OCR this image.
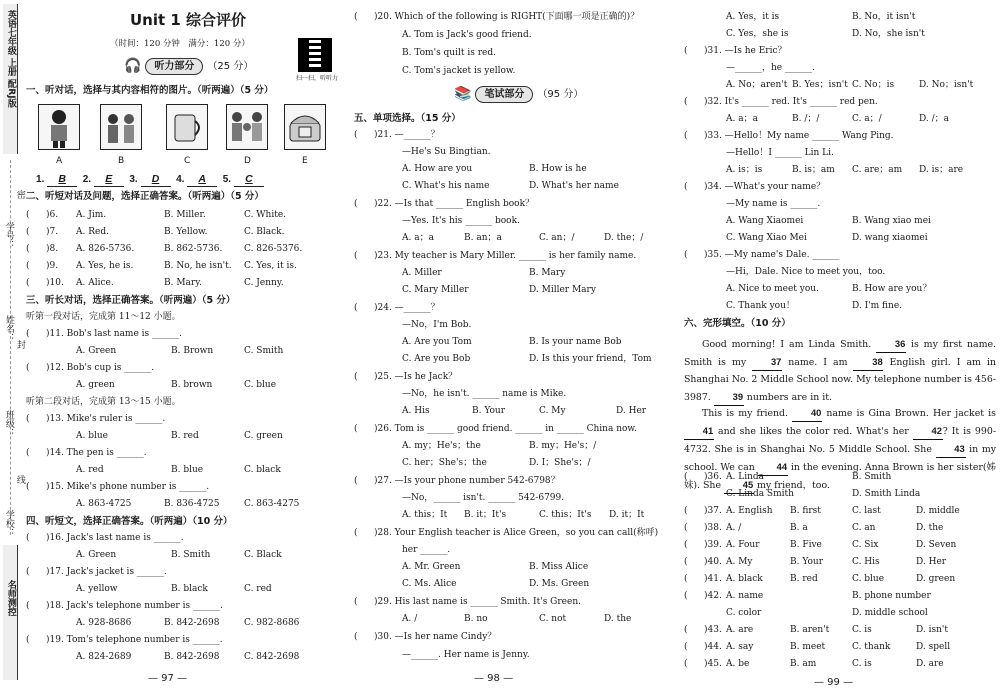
英语七年级 上册 配RJ版
学号：
姓名：
班级：
学校：
密
封
线
名师测控
Unit 1 综合评价
（时间：120 分钟　满分：120 分）
扫一扫，听听力
🎧	听力部分	（25 分）
一、听对话，选择与其内容相符的图片。（听两遍）（5 分）
A	B	C	D	E
1. B 2. E 3. D 4. A 5. C
二、听短对话及问题，选择正确答案。（听两遍）（5 分）
( )6. A. Jim.	B. Miller.	C. White.
( )7. A. Red.	B. Yellow.	C. Black.
( )8. A. 826-5736.	B. 862-5736. C. 826-5376.
( )9. A. Yes, he is.	B. No, he isn't. C. Yes, it is.
( )10. A. Alice.	B. Mary.	C. Jenny.
三、听长对话，选择正确答案。（听两遍）（5 分）
听第一段对话，完成第 11～12 小题。
( )11. Bob's last name is ______.
A. Green	B. Brown	C. Smith
( )12. Bob's cup is ______.
A. green	B. brown	C. blue
听第二段对话，完成第 13～15 小题。
( )13. Mike's ruler is ______.
A. blue	B. red	C. green
( )14. The pen is ______.
A. red	B. blue	C. black
( )15. Mike's phone number is ______.
A. 863-4725	B. 836-4725	C. 863-4275
四、听短文，选择正确答案。（听两遍）（10 分）
( )16. Jack's last name is ______.
A. Green	B. Smith	C. Black
( )17. Jack's jacket is ______.
A. yellow	B. black	C. red
( )18. Jack's telephone number is ______.
A. 928-8686	B. 842-2698	C. 982-8686
( )19. Tom's telephone number is ______.
A. 824-2689	B. 842-2698	C. 842-2698
— 97 —
( )20. Which of the following is RIGHT(下面哪一项是正确的)？
A. Tom is Jack's good friend.
B. Tom's quilt is red.
C. Tom's jacket is yellow.
📚	笔试部分	（95 分）
五、单项选择。（15 分）
( )21. —______？
—He's Su Bingtian.
A. How are you	B. How is he
C. What's his name	D. What's her name
( )22. —Is that ______ English book？
—Yes. It's his ______ book.
A. a；a	B. an；a	C. an；/	D. the；/
( )23. My teacher is Mary Miller. ______ is her family name.
A. Miller	B. Mary
C. Mary Miller	D. Miller Mary
( )24. —______？
—No，I'm Bob.
A. Are you Tom	B. Is your name Bob
C. Are you Bob	D. Is this your friend，Tom
( )25. —Is he Jack？
—No，he isn't. ______ name is Mike.
A. His	B. Your	C. My	D. Her
( )26. Tom is ______ good friend. ______ in ______ China now.
A. my；He's；the	B. my；He's；/
C. her；She's；the	D. I；She's；/
( )27. —Is your phone number 542-6798？
—No，______ isn't. ______ 542-6799.
A. this；It B. it；It's	C. this；It's D. it；It
( )28. Your English teacher is Alice Green，so you can call(称呼)
her ______.
A. Mr. Green	B. Miss Alice
C. Ms. Alice	D. Ms. Green
( )29. His last name is ______ Smith. It's Green.
A. /	B. no	C. not	D. the
( )30. —Is her name Cindy？
—______. Her name is Jenny.
— 98 —
A. Yes，it is	B. No，it isn't
C. Yes，she is	D. No，she isn't
( )31. —Is he Eric？
—______，he ______.
A. No；aren't B. Yes；isn't C. No；is	D. No；isn't
( )32. It's ______ red. It's ______ red pen.
A. a；a	B. /；/	C. a；/	D. /；a
( )33. —Hello！My name ______ Wang Ping.
—Hello！I ______ Lin Li.
A. is；is	B. is；am C. are；am D. is；are
( )34. —What's your name？
—My name is ______.
A. Wang Xiaomei	B. Wang xiao mei
C. Wang Xiao Mei	D. wang xiaomei
( )35. —My name's Dale. ______
—Hi，Dale. Nice to meet you，too.
A. Nice to meet you.	B. How are you？
C. Thank you！	D. I'm fine.
六、完形填空。（10 分）
Good morning! I am Linda Smith. 36 is my first name. Smith is my 37 name. I am 38 English girl. I am in Shanghai No. 2 Middle School now. My telephone number is 456-3987. 39 numbers are in it.
This is my friend. 40 name is Gina Brown. Her jacket is 41 and she likes the color red. What's her 42? It is 990-4732. She is in Shanghai No. 5 Middle School. She 43 in my school. We can 44 in the evening. Anna Brown is her sister(姊妹). She 45 my friend，too.
( )36. A. Linda	B. Smith
C. Linda Smith	D. Smith Linda
( )37. A. English B. first	C. last	D. middle
( )38. A. /	B. a	C. an	D. the
( )39. A. Four	B. Five	C. Six	D. Seven
( )40. A. My	B. Your	C. His	D. Her
( )41. A. black	B. red	C. blue	D. green
( )42. A. name	B. phone number
C. color	D. middle school
( )43. A. are	B. aren't	C. is	D. isn't
( )44. A. say	B. meet	C. thank	D. spell
( )45. A. be	B. am	C. is	D. are
— 99 —
